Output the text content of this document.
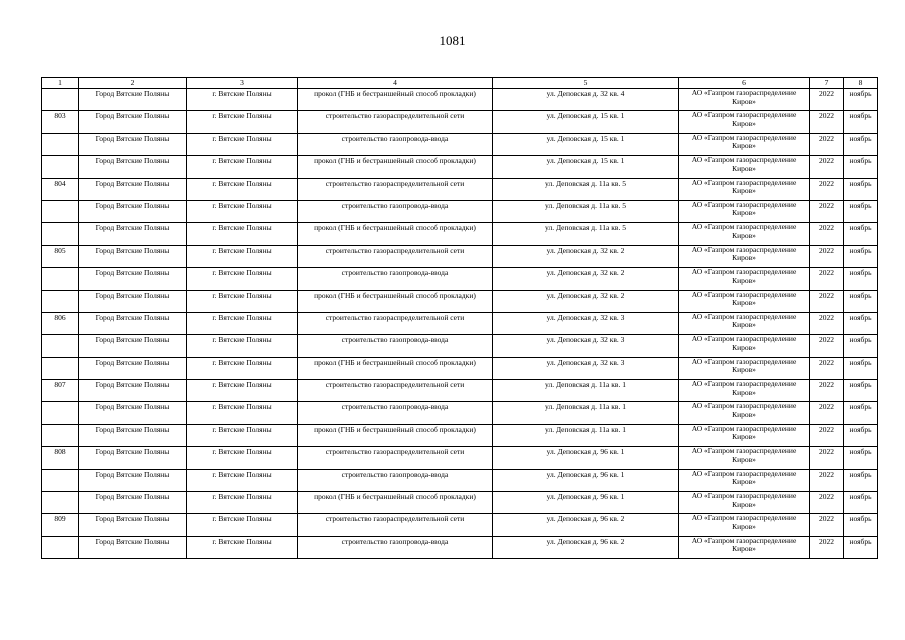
1081
1	2	3	4	5	6	7	8
	Город Вятские Поляны	г. Вятские Поляны	прокол (ГНБ и бестраншейный способ прокладки)	ул. Деповская д. 32 кв. 4	АО «Газпром газораспределение Киров»	2022	ноябрь
803	Город Вятские Поляны	г. Вятские Поляны	строительство газораспределительной сети	ул. Деповская д. 15 кв. 1	АО «Газпром газораспределение Киров»	2022	ноябрь
	Город Вятские Поляны	г. Вятские Поляны	строительство газопровода-ввода	ул. Деповская д. 15 кв. 1	АО «Газпром газораспределение Киров»	2022	ноябрь
	Город Вятские Поляны	г. Вятские Поляны	прокол (ГНБ и бестраншейный способ прокладки)	ул. Деповская д. 15 кв. 1	АО «Газпром газораспределение Киров»	2022	ноябрь
804	Город Вятские Поляны	г. Вятские Поляны	строительство газораспределительной сети	ул. Деповская д. 11а кв. 5	АО «Газпром газораспределение Киров»	2022	ноябрь
	Город Вятские Поляны	г. Вятские Поляны	строительство газопровода-ввода	ул. Деповская д. 11а кв. 5	АО «Газпром газораспределение Киров»	2022	ноябрь
	Город Вятские Поляны	г. Вятские Поляны	прокол (ГНБ и бестраншейный способ прокладки)	ул. Деповская д. 11а кв. 5	АО «Газпром газораспределение Киров»	2022	ноябрь
805	Город Вятские Поляны	г. Вятские Поляны	строительство газораспределительной сети	ул. Деповская д. 32 кв. 2	АО «Газпром газораспределение Киров»	2022	ноябрь
	Город Вятские Поляны	г. Вятские Поляны	строительство газопровода-ввода	ул. Деповская д. 32 кв. 2	АО «Газпром газораспределение Киров»	2022	ноябрь
	Город Вятские Поляны	г. Вятские Поляны	прокол (ГНБ и бестраншейный способ прокладки)	ул. Деповская д. 32 кв. 2	АО «Газпром газораспределение Киров»	2022	ноябрь
806	Город Вятские Поляны	г. Вятские Поляны	строительство газораспределительной сети	ул. Деповская д. 32 кв. 3	АО «Газпром газораспределение Киров»	2022	ноябрь
	Город Вятские Поляны	г. Вятские Поляны	строительство газопровода-ввода	ул. Деповская д. 32 кв. 3	АО «Газпром газораспределение Киров»	2022	ноябрь
	Город Вятские Поляны	г. Вятские Поляны	прокол (ГНБ и бестраншейный способ прокладки)	ул. Деповская д. 32 кв. 3	АО «Газпром газораспределение Киров»	2022	ноябрь
807	Город Вятские Поляны	г. Вятские Поляны	строительство газораспределительной сети	ул. Деповская д. 11а кв. 1	АО «Газпром газораспределение Киров»	2022	ноябрь
	Город Вятские Поляны	г. Вятские Поляны	строительство газопровода-ввода	ул. Деповская д. 11а кв. 1	АО «Газпром газораспределение Киров»	2022	ноябрь
	Город Вятские Поляны	г. Вятские Поляны	прокол (ГНБ и бестраншейный способ прокладки)	ул. Деповская д. 11а кв. 1	АО «Газпром газораспределение Киров»	2022	ноябрь
808	Город Вятские Поляны	г. Вятские Поляны	строительство газораспределительной сети	ул. Деповская д. 96 кв. 1	АО «Газпром газораспределение Киров»	2022	ноябрь
	Город Вятские Поляны	г. Вятские Поляны	строительство газопровода-ввода	ул. Деповская д. 96 кв. 1	АО «Газпром газораспределение Киров»	2022	ноябрь
	Город Вятские Поляны	г. Вятские Поляны	прокол (ГНБ и бестраншейный способ прокладки)	ул. Деповская д. 96 кв. 1	АО «Газпром газораспределение Киров»	2022	ноябрь
809	Город Вятские Поляны	г. Вятские Поляны	строительство газораспределительной сети	ул. Деповская д. 96 кв. 2	АО «Газпром газораспределение Киров»	2022	ноябрь
	Город Вятские Поляны	г. Вятские Поляны	строительство газопровода-ввода	ул. Деповская д. 96 кв. 2	АО «Газпром газораспределение Киров»	2022	ноябрь
